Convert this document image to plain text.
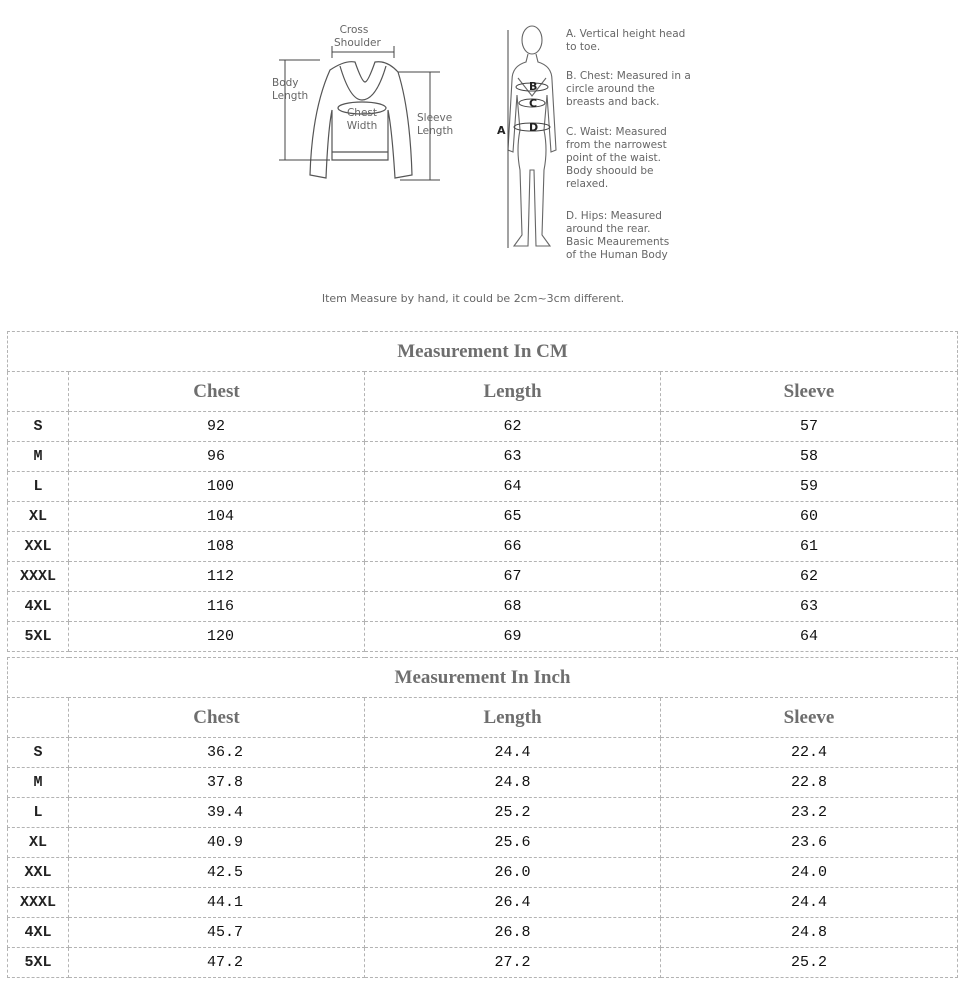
Cross
Shoulder
Body
Length
Chest
Width
Sleeve
Length	A
B
C
D
A. Vertical height head
to toe.
B. Chest: Measured in a
circle around the
breasts and back.
C. Waist: Measured
from the narrowest
point of the waist.
Body shoould be
relaxed.
D. Hips: Measured
around the rear.
Basic Meaurements
of the Human Body
Item Measure by hand, it could be 2cm~3cm different.
Measurement In CM			
	Chest	Length	Sleeve
S	92	62	57
M	96	63	58
L	100	64	59
XL	104	65	60
XXL	108	66	61
XXXL	112	67	62
4XL	116	68	63
5XL	120	69	64
Measurement In Inch			
	Chest	Length	Sleeve
S	36.2	24.4	22.4
M	37.8	24.8	22.8
L	39.4	25.2	23.2
XL	40.9	25.6	23.6
XXL	42.5	26.0	24.0
XXXL	44.1	26.4	24.4
4XL	45.7	26.8	24.8
5XL	47.2	27.2	25.2
